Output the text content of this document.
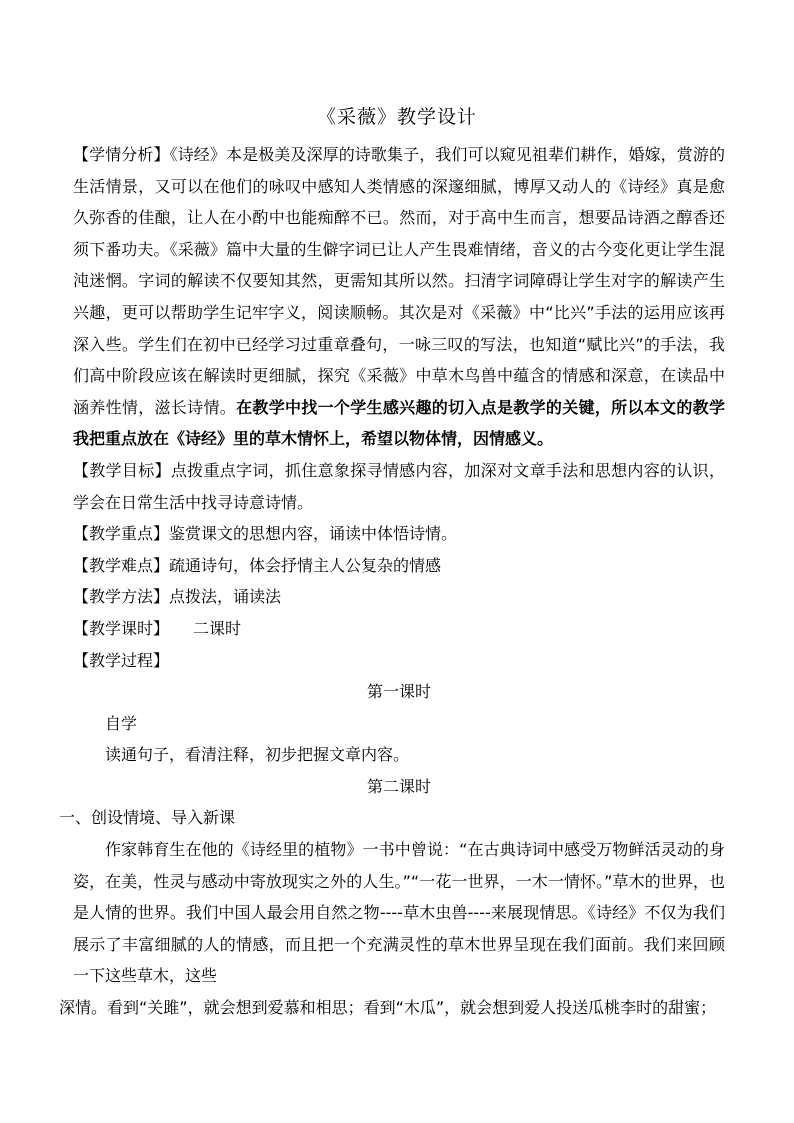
《采薇》教学设计

【学情分析】《诗经》本是极美及深厚的诗歌集子，我们可以窥见祖辈们耕作，婚嫁，赏游的生活情景，又可以在他们的咏叹中感知人类情感的深邃细腻，博厚又动人的《诗经》真是愈久弥香的佳酿，让人在小酌中也能痴醉不已。然而，对于高中生而言，想要品诗酒之醇香还须下番功夫。《采薇》篇中大量的生僻字词已让人产生畏难情绪，音义的古今变化更让学生混沌迷惘。字词的解读不仅要知其然，更需知其所以然。扫清字词障碍让学生对字的解读产生兴趣，更可以帮助学生记牢字义，阅读顺畅。其次是对《采薇》中“比兴”手法的运用应该再深入些。学生们在初中已经学习过重章叠句，一咏三叹的写法，也知道“赋比兴”的手法，我们高中阶段应该在解读时更细腻，探究《采薇》中草木鸟兽中蕴含的情感和深意，在读品中涵养性情，滋长诗情。在教学中找一个学生感兴趣的切入点是教学的关键，所以本文的教学我把重点放在《诗经》里的草木情怀上，希望以物体情，因情感义。

【教学目标】点拨重点字词，抓住意象探寻情感内容，加深对文章手法和思想内容的认识，学会在日常生活中找寻诗意诗情。

【教学重点】鉴赏课文的思想内容，诵读中体悟诗情。

【教学难点】疏通诗句，体会抒情主人公复杂的情感

【教学方法】点拨法，诵读法

【教学课时】 二课时

【教学过程】

第一课时

自学

读通句子，看清注释，初步把握文章内容。

第二课时

一、创设情境、导入新课

作家韩育生在他的《诗经里的植物》一书中曾说：“在古典诗词中感受万物鲜活灵动的身姿，在美，性灵与感动中寄放现实之外的人生。”“一花一世界，一木一情怀。”草木的世界，也是人情的世界。我们中国人最会用自然之物----草木虫兽----来展现情思。《诗经》不仅为我们展示了丰富细腻的人的情感，而且把一个充满灵性的草木世界呈现在我们面前。我们来回顾一下这些草木，这些

深情。看到“关雎”，就会想到爱慕和相思；看到“木瓜”，就会想到爱人投送瓜桃李时的甜蜜；
